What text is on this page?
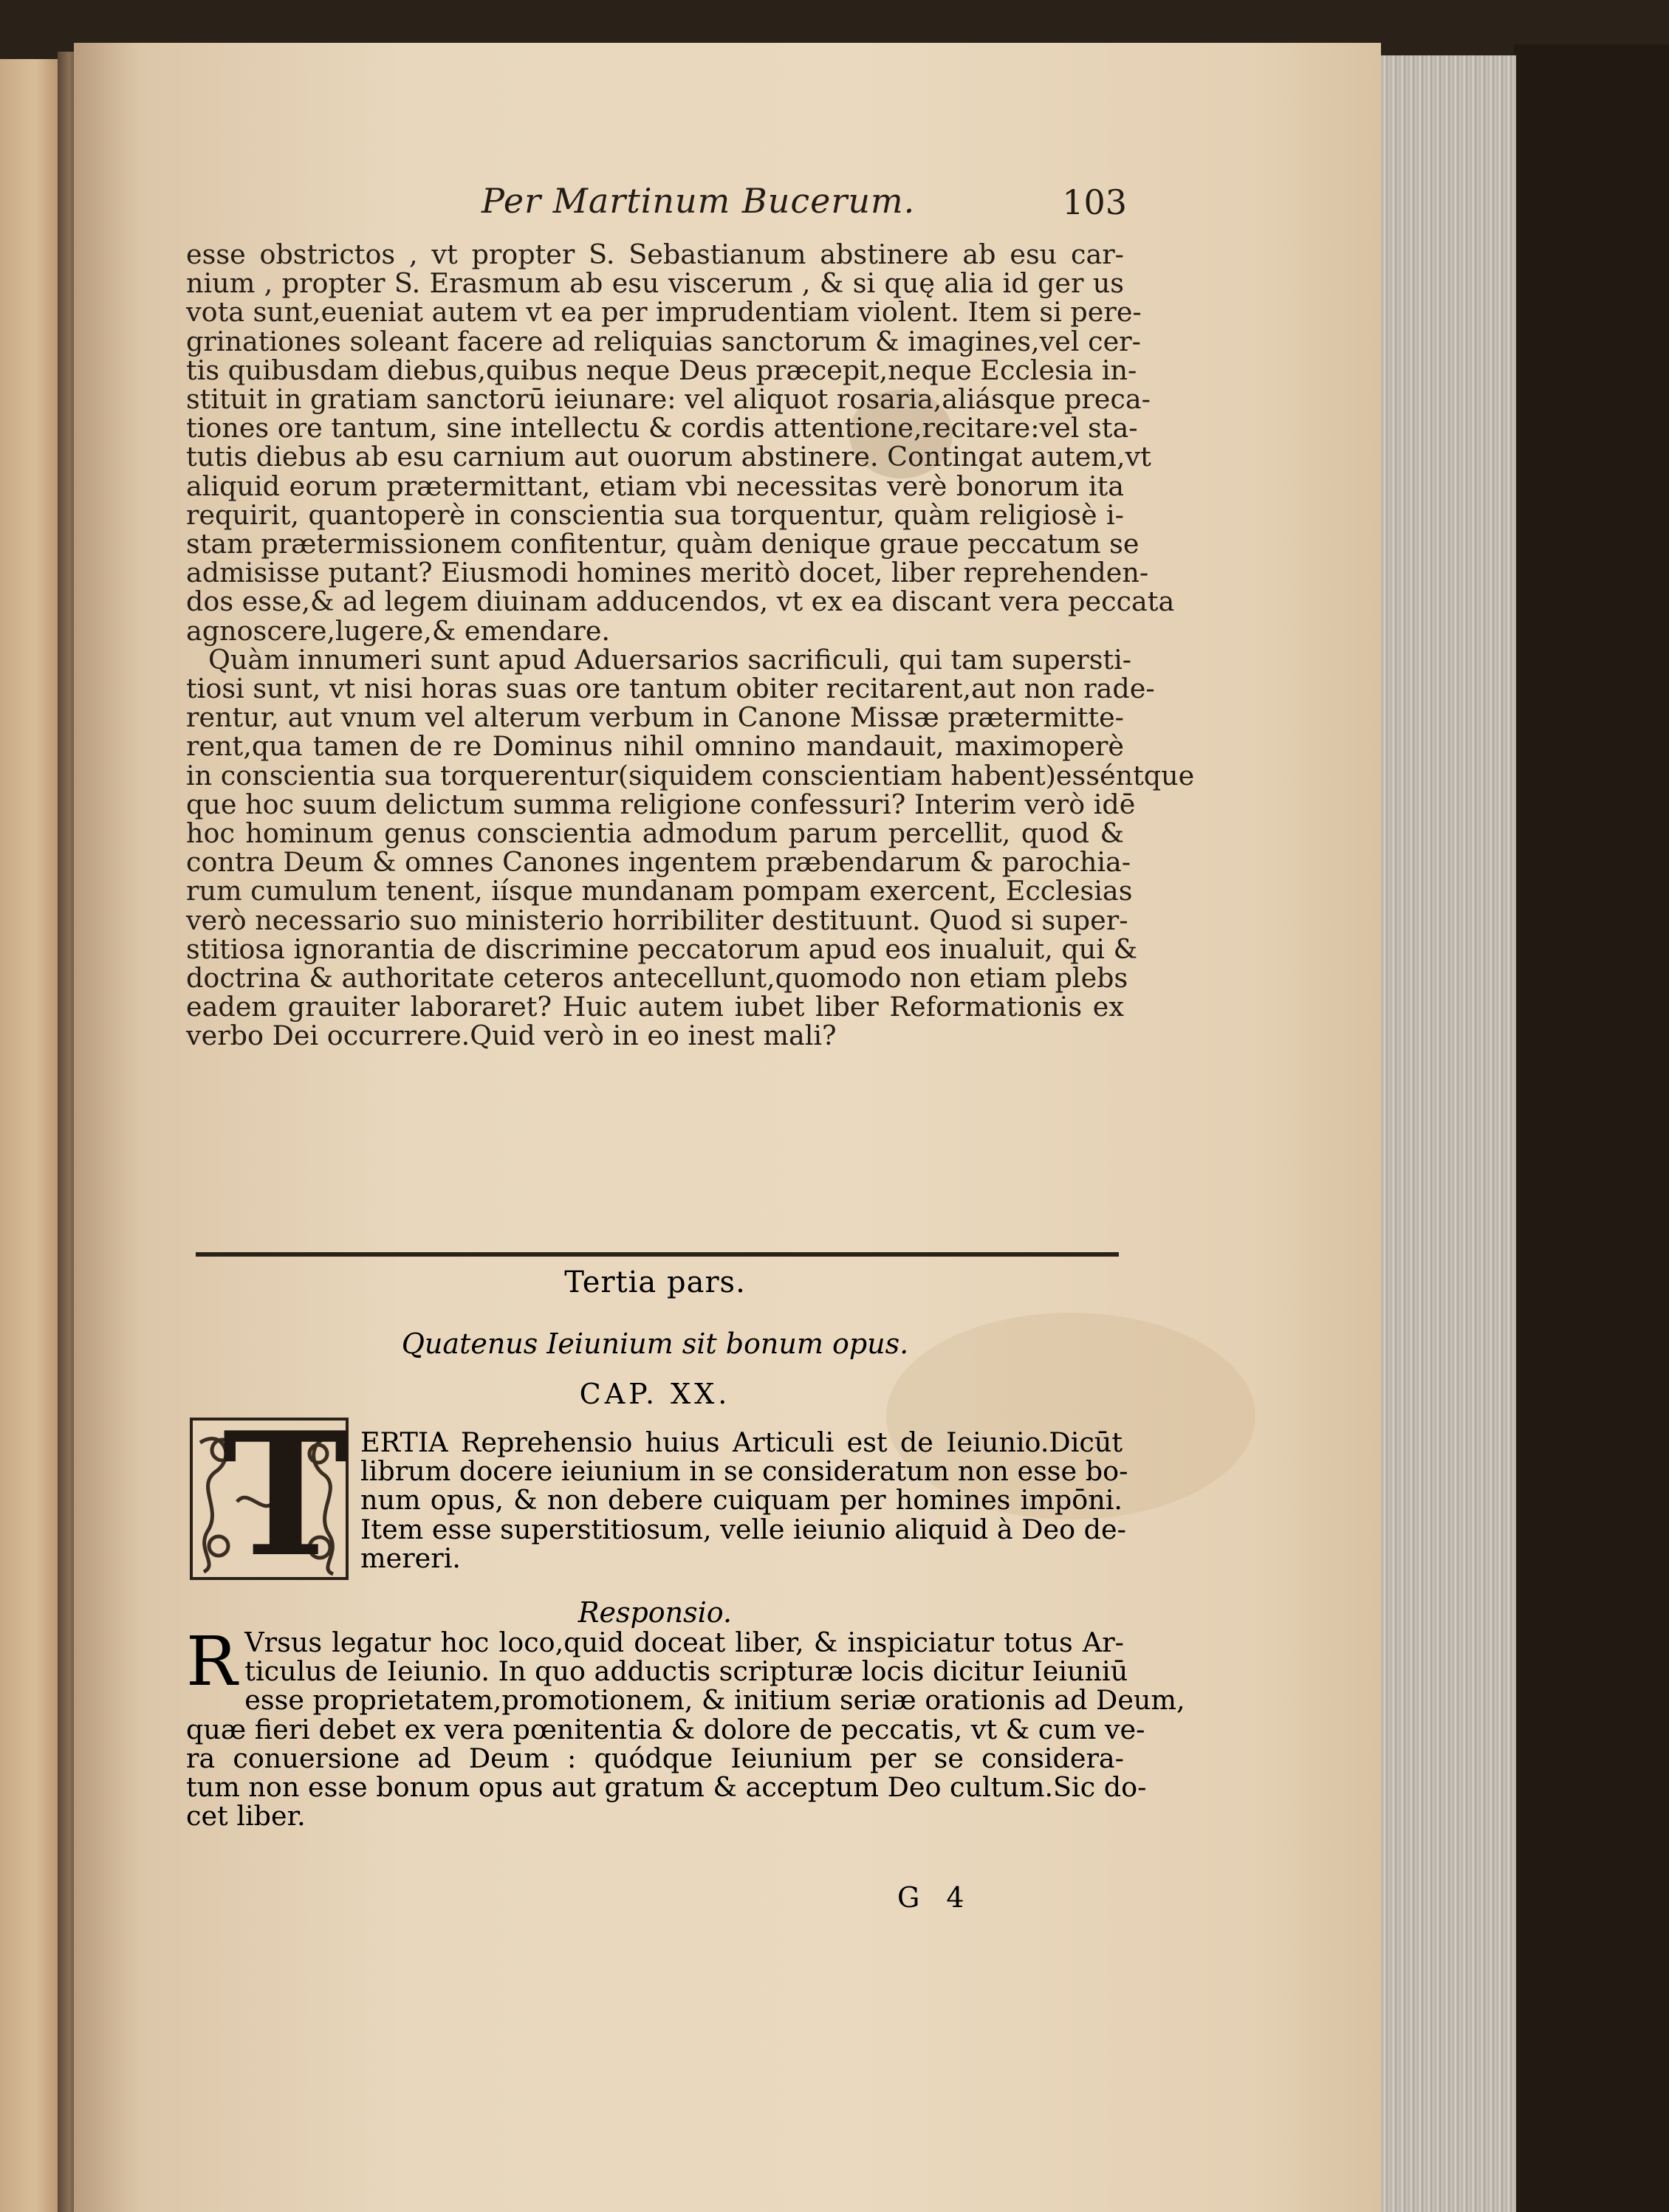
Per Martinum Bucerum.	103
esse obstrictos , vt propter S. Sebastianum abstinere ab esu car-
nium , propter S. Erasmum ab esu viscerum , & si quę alia id ger us
vota sunt,eueniat autem vt ea per imprudentiam violent. Item si pere-
grinationes soleant facere ad reliquias sanctorum & imagines,vel cer-
tis quibusdam diebus,quibus neque Deus præcepit,neque Ecclesia in-
stituit in gratiam sanctorū ieiunare: vel aliquot rosaria,aliásque preca-
tiones ore tantum, sine intellectu & cordis attentione,recitare:vel sta-
tutis diebus ab esu carnium aut ouorum abstinere. Contingat autem,vt
aliquid eorum prætermittant, etiam vbi necessitas verè bonorum ita
requirit, quantoperè in conscientia sua torquentur, quàm religiosè i-
stam prætermissionem confitentur, quàm denique graue peccatum se
admisisse putant? Eiusmodi homines meritò docet, liber reprehenden-
dos esse,& ad legem diuinam adducendos, vt ex ea discant vera peccata
agnoscere,lugere,& emendare.
Quàm innumeri sunt apud Aduersarios sacrificuli, qui tam supersti-
tiosi sunt, vt nisi horas suas ore tantum obiter recitarent,aut non rade-
rentur, aut vnum vel alterum verbum in Canone Missæ prætermitte-
rent,qua tamen de re Dominus nihil omnino mandauit, maximoperè
in conscientia sua torquerentur(siquidem conscientiam habent)esséntque
que hoc suum delictum summa religione confessuri? Interim verò idē
hoc hominum genus conscientia admodum parum percellit, quod &
contra Deum & omnes Canones ingentem præbendarum & parochia-
rum cumulum tenent, iísque mundanam pompam exercent, Ecclesias
verò necessario suo ministerio horribiliter destituunt. Quod si super-
stitiosa ignorantia de discrimine peccatorum apud eos inualuit, qui &
doctrina & authoritate ceteros antecellunt,quomodo non etiam plebs
eadem grauiter laboraret? Huic autem iubet liber Reformationis ex
verbo Dei occurrere.Quid verò in eo inest mali?
Tertia pars.
Quatenus Ieiunium sit bonum opus.
CAP. XX.
T ERTIA Reprehensio huius Articuli est de Ieiunio.Dicūt
librum docere ieiunium in se consideratum non esse bo-
num opus, & non debere cuiquam per homines impōni.
Item esse superstitiosum, velle ieiunio aliquid à Deo de-
mereri.
Responsio.
R Vrsus legatur hoc loco,quid doceat liber, & inspiciatur totus Ar-
ticulus de Ieiunio. In quo adductis scripturæ locis dicitur Ieiuniū
esse proprietatem,promotionem, & initium seriæ orationis ad Deum,
quæ fieri debet ex vera pœnitentia & dolore de peccatis, vt & cum ve-
ra conuersione ad Deum : quódque Ieiunium per se considera-
tum non esse bonum opus aut gratum & acceptum Deo cultum.Sic do-
cet liber.
G 4
